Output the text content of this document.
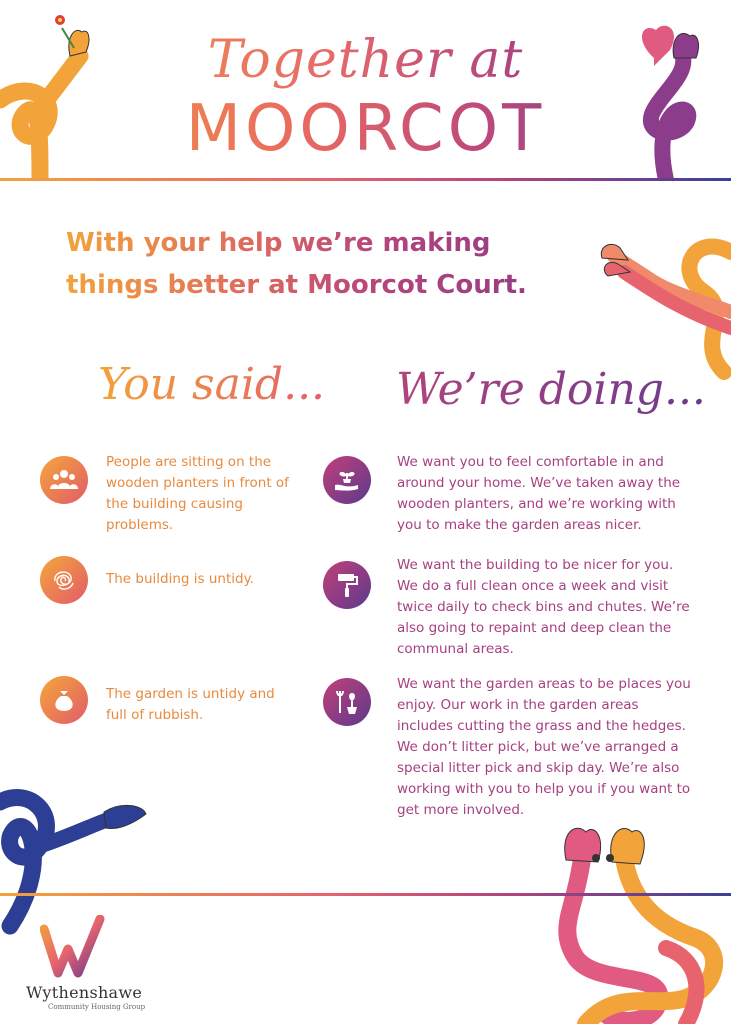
Together at
MOORCOT
With your help we’re making
things better at Moorcot Court.
You said... We’re doing...
People are sitting on the wooden planters in front of the building causing problems.
We want you to feel comfortable in and around your home. We’ve taken away the wooden planters, and we’re working with you to make the garden areas nicer.
The building is untidy.
We want the building to be nicer for you. We do a full clean once a week and visit twice daily to check bins and chutes. We’re also going to repaint and deep clean the communal areas.
The garden is untidy and full of rubbish.
We want the garden areas to be places you enjoy. Our work in the garden areas includes cutting the grass and the hedges. We don’t litter pick, but we’ve arranged a special litter pick and skip day. We’re also working with you to help you if you want to get more involved.
Wythenshawe
Community Housing Group
